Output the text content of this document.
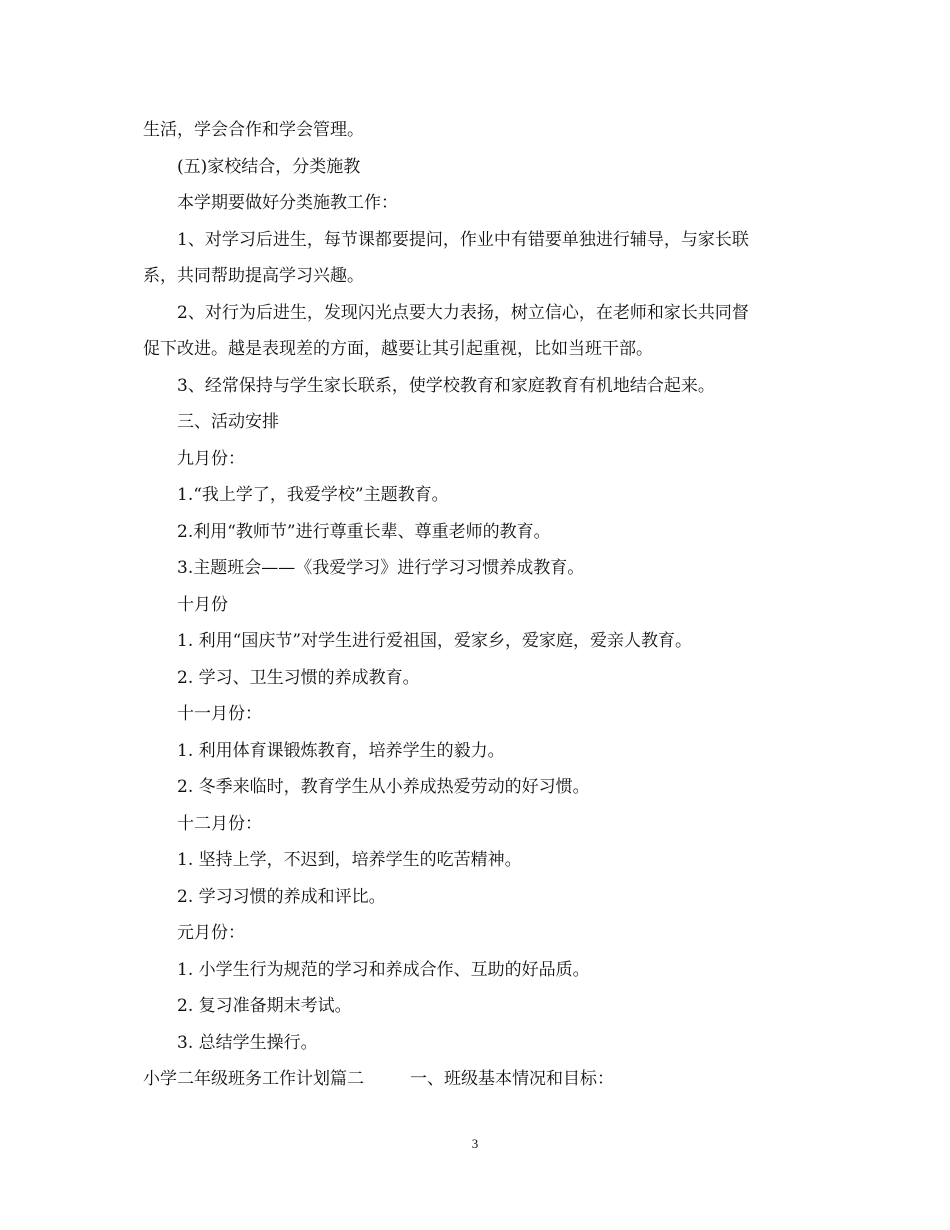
生活，学会合作和学会管理。
(五)家校结合，分类施教
本学期要做好分类施教工作：
1、对学习后进生，每节课都要提问，作业中有错要单独进行辅导，与家长联
系，共同帮助提高学习兴趣。
2、对行为后进生，发现闪光点要大力表扬，树立信心，在老师和家长共同督
促下改进。越是表现差的方面，越要让其引起重视，比如当班干部。
3、经常保持与学生家长联系，使学校教育和家庭教育有机地结合起来。
三、活动安排
九月份：
1.“我上学了，我爱学校”主题教育。
2.利用“教师节”进行尊重长辈、尊重老师的教育。
3.主题班会——《我爱学习》进行学习习惯养成教育。
十月份
1. 利用“国庆节”对学生进行爱祖国，爱家乡，爱家庭，爱亲人教育。
2. 学习、卫生习惯的养成教育。
十一月份：
1. 利用体育课锻炼教育，培养学生的毅力。
2. 冬季来临时，教育学生从小养成热爱劳动的好习惯。
十二月份：
1. 坚持上学，不迟到，培养学生的吃苦精神。
2. 学习习惯的养成和评比。
元月份：
1. 小学生行为规范的学习和养成合作、互助的好品质。
2. 复习准备期末考试。
3. 总结学生操行。
小学二年级班务工作计划篇二	一、班级基本情况和目标：
3
